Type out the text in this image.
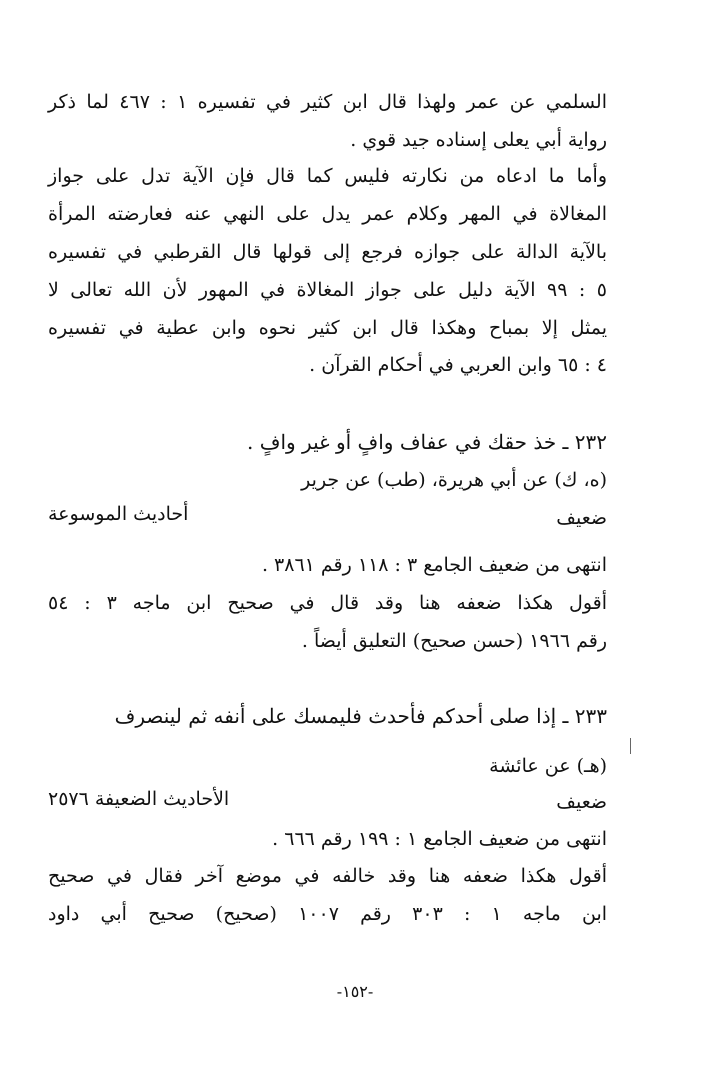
السلمي عن عمر ولهذا قال ابن كثير في تفسيره ١ : ٤٦٧ لما ذكر
رواية أبي يعلى إسناده جيد قوي .
وأما ما ادعاه من نكارته فليس كما قال فإن الآية تدل على جواز
المغالاة في المهر وكلام عمر يدل على النهي عنه فعارضته المرأة
بالآية الدالة على جوازه فرجع إلى قولها قال القرطبي في تفسيره
٥ : ٩٩ الآية دليل على جواز المغالاة في المهور لأن الله تعالى لا
يمثل إلا بمباح وهكذا قال ابن كثير نحوه وابن عطية في تفسيره
٤ : ٦٥ وابن العربي في أحكام القرآن .
٢٣٢ ـ خذ حقك في عفاف وافٍ أو غير وافٍ .
(ه، ك) عن أبي هريرة، (طب) عن جرير
ضعيف
أحاديث الموسوعة
انتهى من ضعيف الجامع ٣ : ١١٨ رقم ٣٨٦١ .
أقول هكذا ضعفه هنا وقد قال في صحيح ابن ماجه ٣ : ٥٤
رقم ١٩٦٦ (حسن صحيح) التعليق أيضاً .
٢٣٣ ـ إذا صلى أحدكم فأحدث فليمسك على أنفه ثم لينصرف
(هـ) عن عائشة
ضعيف
الأحاديث الضعيفة ٢٥٧٦
انتهى من ضعيف الجامع ١ : ١٩٩ رقم ٦٦٦ .
أقول هكذا ضعفه هنا وقد خالفه في موضع آخر فقال في صحيح
ابن ماجه ١ : ٣٠٣ رقم ١٠٠٧ (صحيح) صحيح أبي داود
-١٥٢-
